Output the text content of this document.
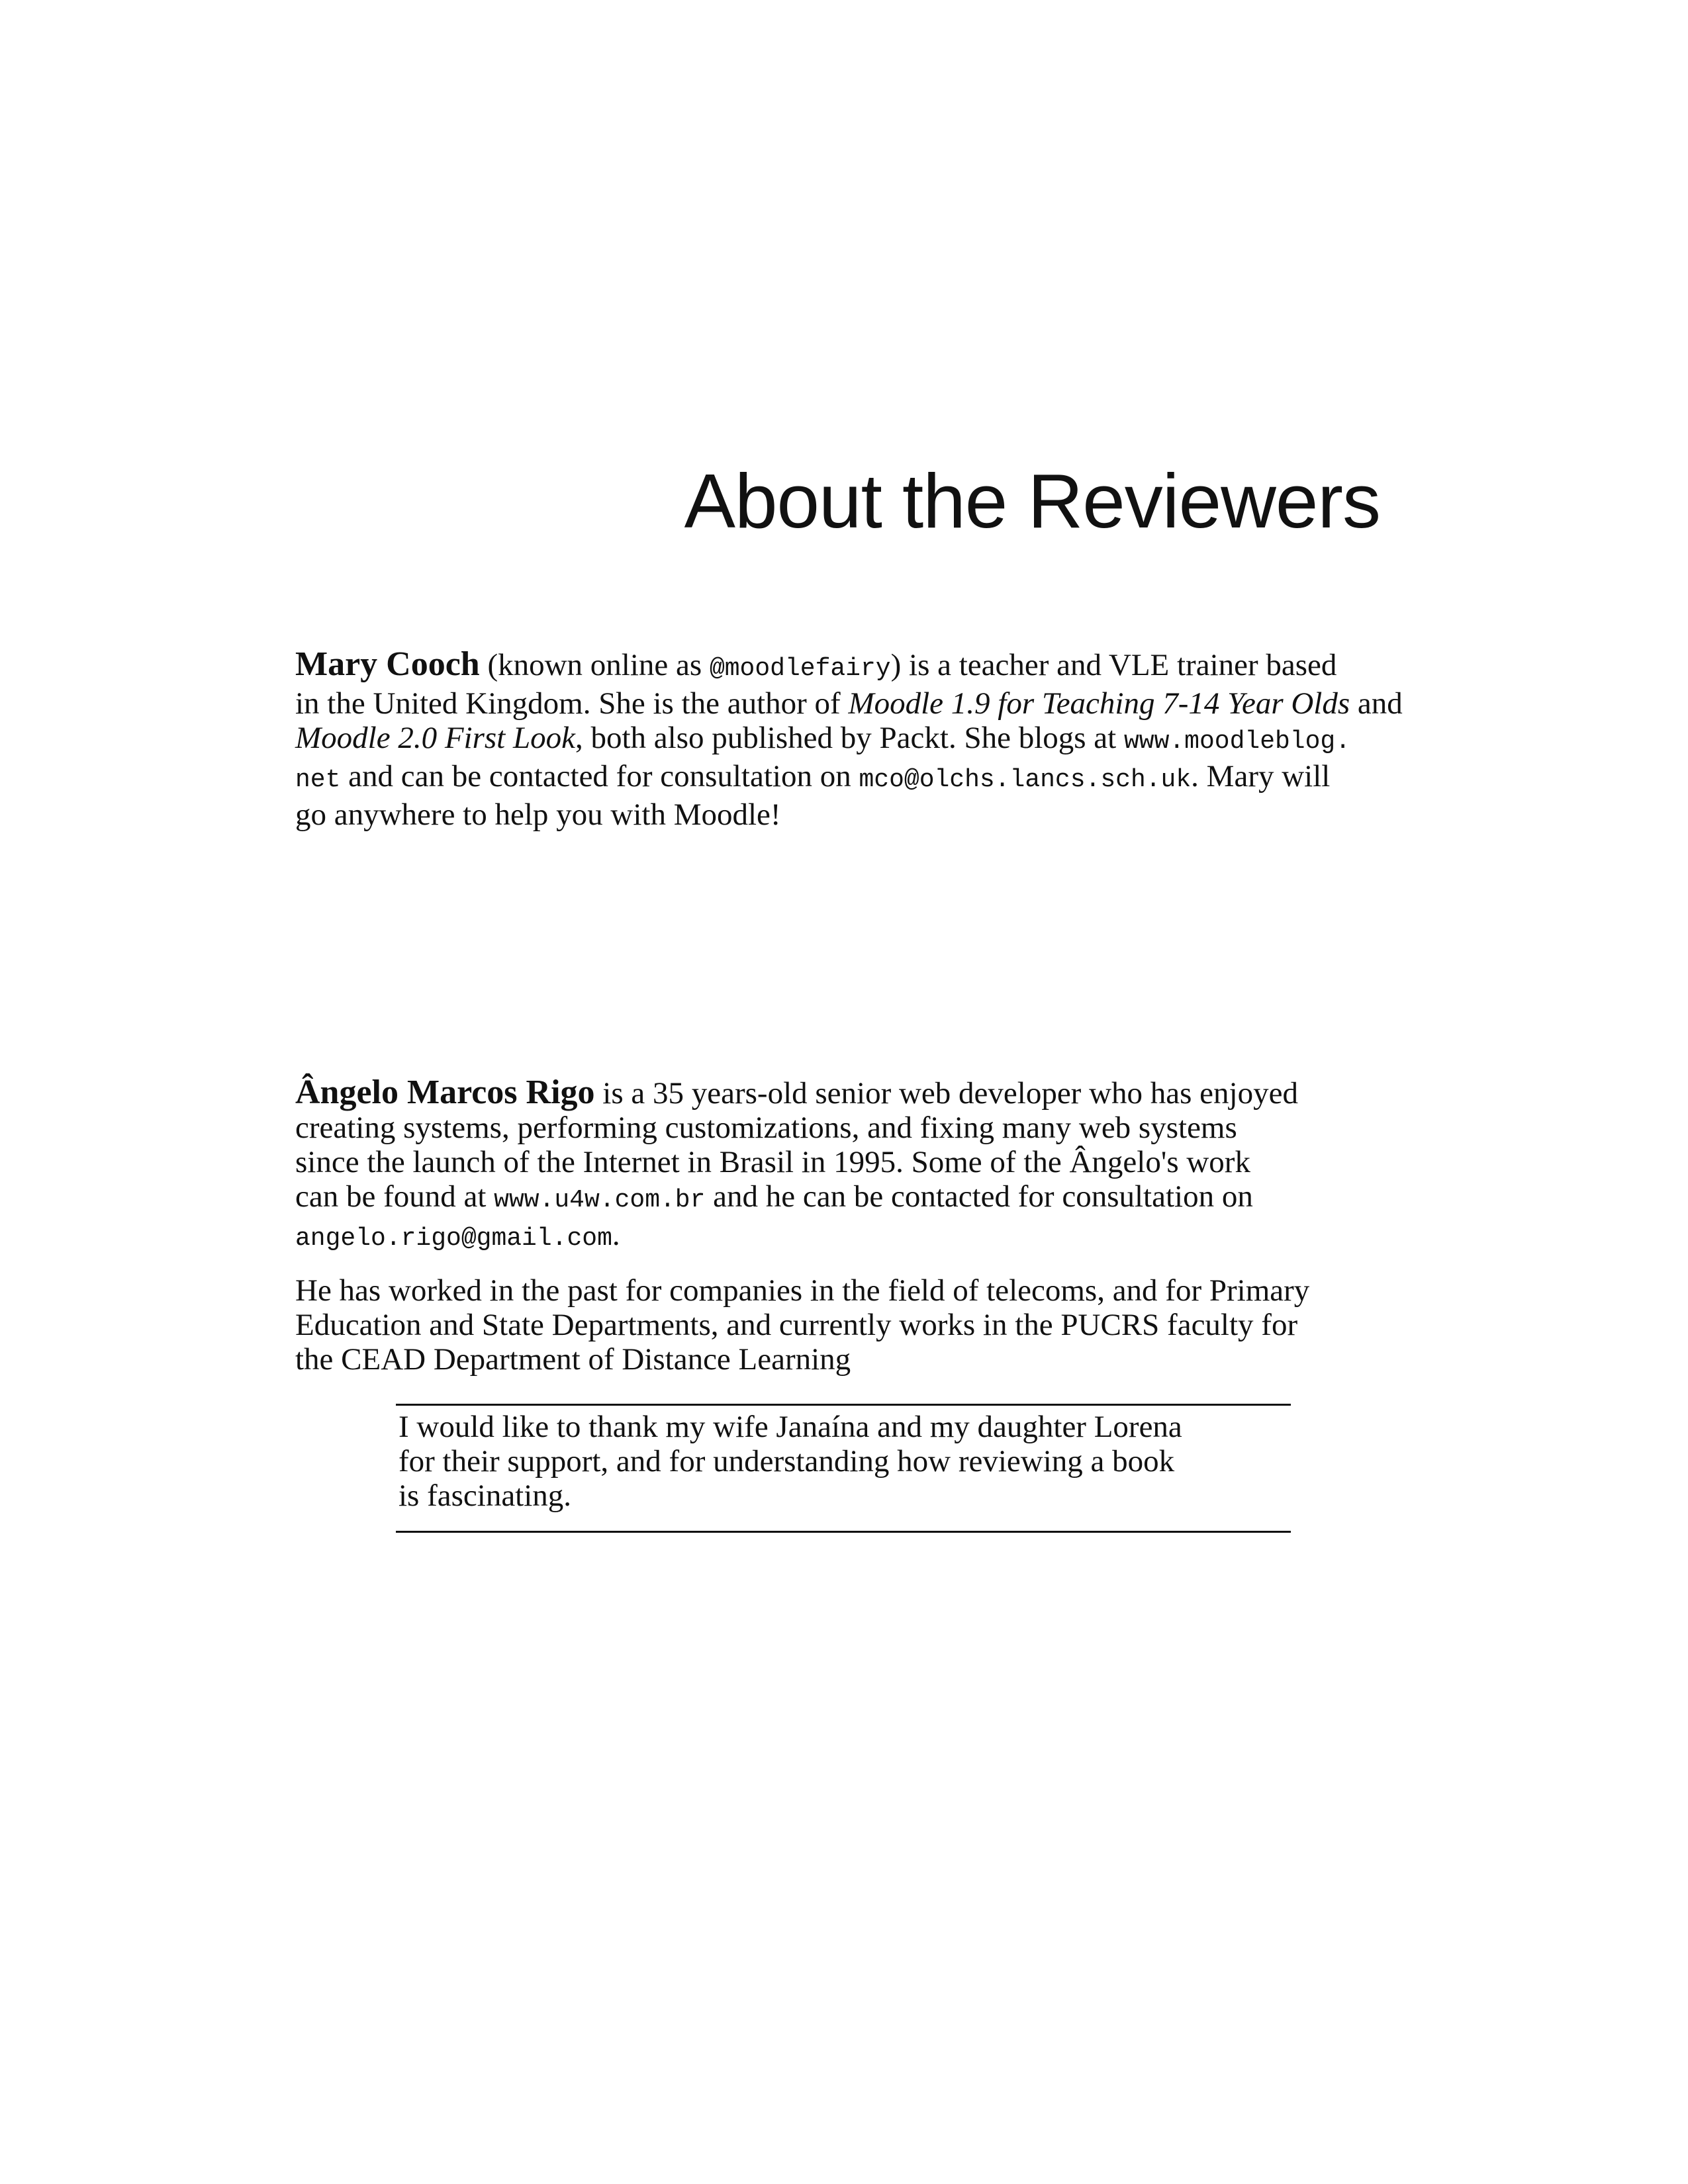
About the Reviewers

Mary Cooch (known online as @moodlefairy) is a teacher and VLE trainer based
in the United Kingdom. She is the author of Moodle 1.9 for Teaching 7-14 Year Olds and
Moodle 2.0 First Look, both also published by Packt. She blogs at www.moodleblog.
net and can be contacted for consultation on mco@olchs.lancs.sch.uk. Mary will
go anywhere to help you with Moodle!

Ângelo Marcos Rigo is a 35 years-old senior web developer who has enjoyed
creating systems, performing customizations, and fixing many web systems
since the launch of the Internet in Brasil in 1995. Some of the Ângelo's work
can be found at www.u4w.com.br and he can be contacted for consultation on
angelo.rigo@gmail.com.

He has worked in the past for companies in the field of telecoms, and for Primary
Education and State Departments, and currently works in the PUCRS faculty for
the CEAD Department of Distance Learning

I would like to thank my wife Janaína and my daughter Lorena
for their support, and for understanding how reviewing a book
is fascinating.
